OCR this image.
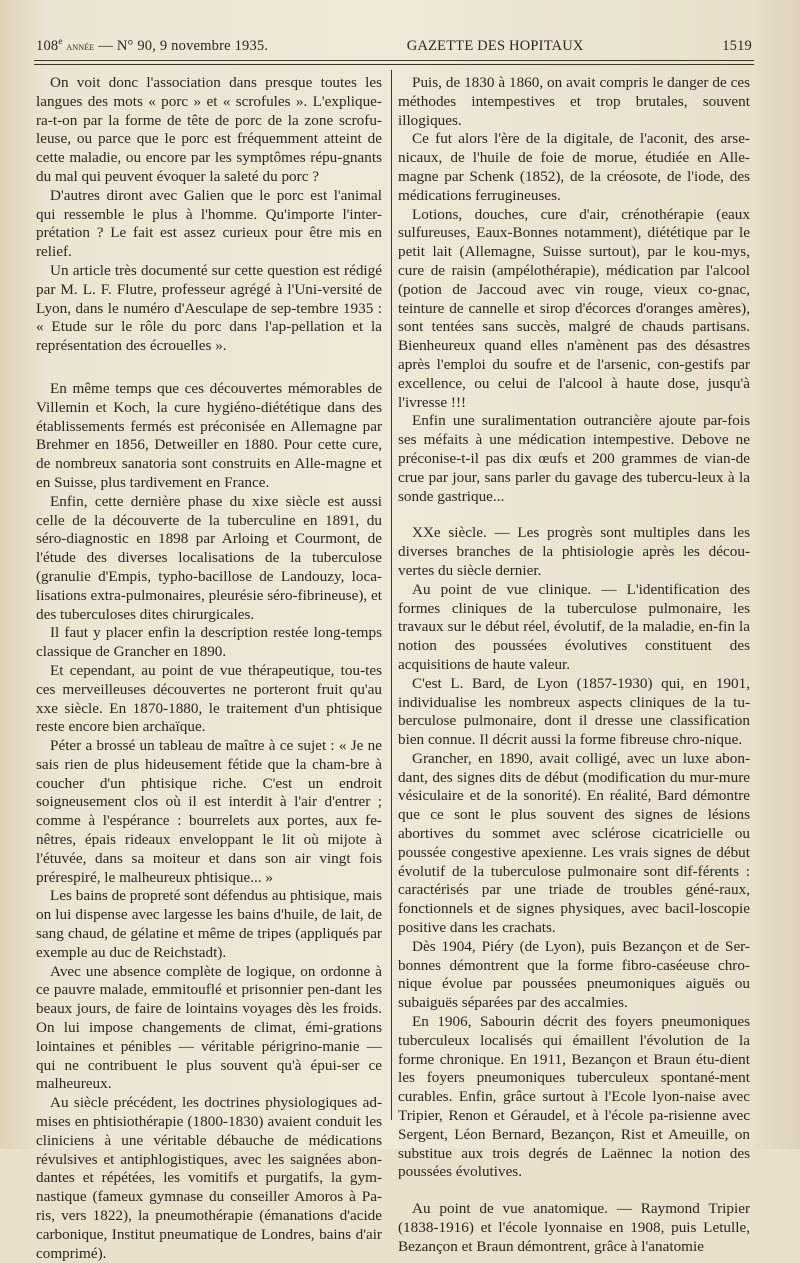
108e année — N° 90, 9 novembre 1935.	GAZETTE DES HOPITAUX	1519

On voit donc l'association dans presque toutes les langues des mots « porc » et « scrofules ». L'explique-ra-t-on par la forme de tête de porc de la zone scrofu-leuse, ou parce que le porc est fréquemment atteint de cette maladie, ou encore par les symptômes répu-gnants du mal qui peuvent évoquer la saleté du porc ?

D'autres diront avec Galien que le porc est l'animal qui ressemble le plus à l'homme. Qu'importe l'inter-prétation ? Le fait est assez curieux pour être mis en relief.

Un article très documenté sur cette question est rédigé par M. L. F. Flutre, professeur agrégé à l'Uni-versité de Lyon, dans le numéro d'Aesculape de sep-tembre 1935 : « Etude sur le rôle du porc dans l'ap-pellation et la représentation des écrouelles ».

En même temps que ces découvertes mémorables de Villemin et Koch, la cure hygiéno-diététique dans des établissements fermés est préconisée en Allemagne par Brehmer en 1856, Detweiller en 1880. Pour cette cure, de nombreux sanatoria sont construits en Alle-magne et en Suisse, plus tardivement en France.

Enfin, cette dernière phase du xixe siècle est aussi celle de la découverte de la tuberculine en 1891, du séro-diagnostic en 1898 par Arloing et Courmont, de l'étude des diverses localisations de la tuberculose (granulie d'Empis, typho-bacillose de Landouzy, loca-lisations extra-pulmonaires, pleurésie séro-fibrineuse), et des tuberculoses dites chirurgicales.

Il faut y placer enfin la description restée long-temps classique de Grancher en 1890.

Et cependant, au point de vue thérapeutique, tou-tes ces merveilleuses découvertes ne porteront fruit qu'au xxe siècle. En 1870-1880, le traitement d'un phtisique reste encore bien archaïque.

Péter a brossé un tableau de maître à ce sujet : « Je ne sais rien de plus hideusement fétide que la cham-bre à coucher d'un phtisique riche. C'est un endroit soigneusement clos où il est interdit à l'air d'entrer ; comme à l'espérance : bourrelets aux portes, aux fe-nêtres, épais rideaux enveloppant le lit où mijote à l'étuvée, dans sa moiteur et dans son air vingt fois prérespiré, le malheureux phtisique... »

Les bains de propreté sont défendus au phtisique, mais on lui dispense avec largesse les bains d'huile, de lait, de sang chaud, de gélatine et même de tripes (appliqués par exemple au duc de Reichstadt).

Avec une absence complète de logique, on ordonne à ce pauvre malade, emmitouflé et prisonnier pen-dant les beaux jours, de faire de lointains voyages dès les froids. On lui impose changements de climat, émi-grations lointaines et pénibles — véritable périgrino-manie — qui ne contribuent le plus souvent qu'à épui-ser ce malheureux.

Au siècle précédent, les doctrines physiologiques ad-mises en phtisiothérapie (1800-1830) avaient conduit les cliniciens à une véritable débauche de médications révulsives et antiphlogistiques, avec les saignées abon-dantes et répétées, les vomitifs et purgatifs, la gym-nastique (fameux gymnase du conseiller Amoros à Pa-ris, vers 1822), la pneumothérapie (émanations d'acide carbonique, Institut pneumatique de Londres, bains d'air comprimé).

Puis, de 1830 à 1860, on avait compris le danger de ces méthodes intempestives et trop brutales, souvent illogiques.

Ce fut alors l'ère de la digitale, de l'aconit, des arse-nicaux, de l'huile de foie de morue, étudiée en Alle-magne par Schenk (1852), de la créosote, de l'iode, des médications ferrugineuses.

Lotions, douches, cure d'air, crénothérapie (eaux sulfureuses, Eaux-Bonnes notamment), diététique par le petit lait (Allemagne, Suisse surtout), par le kou-mys, cure de raisin (ampélothérapie), médication par l'alcool (potion de Jaccoud avec vin rouge, vieux co-gnac, teinture de cannelle et sirop d'écorces d'oranges amères), sont tentées sans succès, malgré de chauds partisans. Bienheureux quand elles n'amènent pas des désastres après l'emploi du soufre et de l'arsenic, con-gestifs par excellence, ou celui de l'alcool à haute dose, jusqu'à l'ivresse !!!

Enfin une suralimentation outrancière ajoute par-fois ses méfaits à une médication intempestive. Debove ne préconise-t-il pas dix œufs et 200 grammes de vian-de crue par jour, sans parler du gavage des tubercu-leux à la sonde gastrique...

XXe siècle. — Les progrès sont multiples dans les diverses branches de la phtisiologie après les décou-vertes du siècle dernier.

Au point de vue clinique. — L'identification des formes cliniques de la tuberculose pulmonaire, les travaux sur le début réel, évolutif, de la maladie, en-fin la notion des poussées évolutives constituent des acquisitions de haute valeur.

C'est L. Bard, de Lyon (1857-1930) qui, en 1901, individualise les nombreux aspects cliniques de la tu-berculose pulmonaire, dont il dresse une classification bien connue. Il décrit aussi la forme fibreuse chro-nique.

Grancher, en 1890, avait colligé, avec un luxe abon-dant, des signes dits de début (modification du mur-mure vésiculaire et de la sonorité). En réalité, Bard démontre que ce sont le plus souvent des signes de lésions abortives du sommet avec sclérose cicatricielle ou poussée congestive apexienne. Les vrais signes de début évolutif de la tuberculose pulmonaire sont dif-férents : caractérisés par une triade de troubles géné-raux, fonctionnels et de signes physiques, avec bacil-loscopie positive dans les crachats.

Dès 1904, Piéry (de Lyon), puis Bezançon et de Ser-bonnes démontrent que la forme fibro-caséeuse chro-nique évolue par poussées pneumoniques aiguës ou subaiguës séparées par des accalmies.

En 1906, Sabourin décrit des foyers pneumoniques tuberculeux localisés qui émaillent l'évolution de la forme chronique. En 1911, Bezançon et Braun étu-dient les foyers pneumoniques tuberculeux spontané-ment curables. Enfin, grâce surtout à l'Ecole lyon-naise avec Tripier, Renon et Géraudel, et à l'école pa-risienne avec Sergent, Léon Bernard, Bezançon, Rist et Ameuille, on substitue aux trois degrés de Laënnec la notion des poussées évolutives.

Au point de vue anatomique. — Raymond Tripier (1838-1916) et l'école lyonnaise en 1908, puis Letulle, Bezançon et Braun démontrent, grâce à l'anatomie
